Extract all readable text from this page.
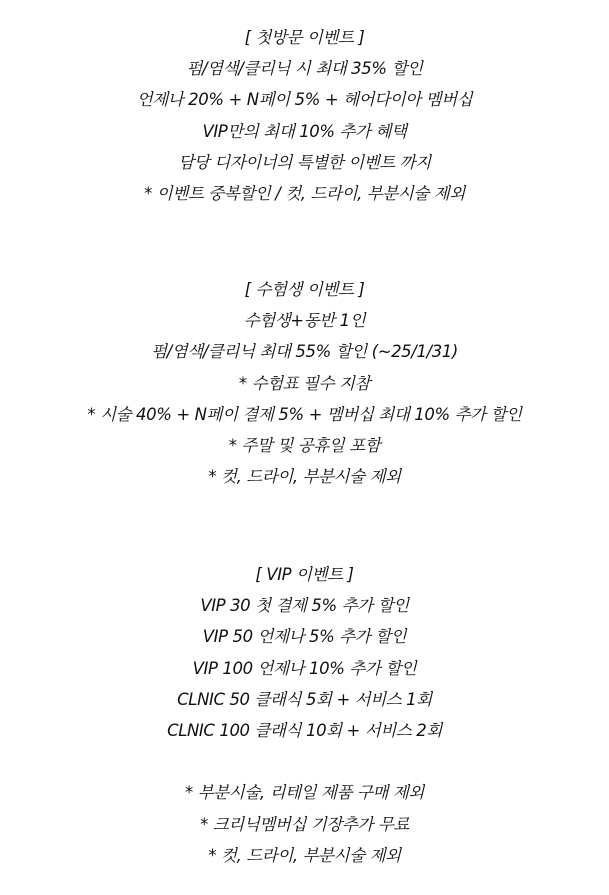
[ 첫방문 이벤트 ]
펌/염색/클리닉 시 최대 35% 할인
언제나 20% + N페이 5% + 헤어다이아 멤버십
VIP만의 최대 10% 추가 혜택
담당 디자이너의 특별한 이벤트 까지
* 이벤트 중복할인 / 컷, 드라이, 부분시술 제외
[ 수험생 이벤트 ]
수험생+동반 1인
펌/염색/클리닉 최대 55% 할인 (~25/1/31)
* 수험표 필수 지참
* 시술 40% + N페이 결제 5% + 멤버십 최대 10% 추가 할인
* 주말 및 공휴일 포함
* 컷, 드라이, 부분시술 제외
[ VIP 이벤트 ]
VIP 30 첫 결제 5% 추가 할인
VIP 50 언제나 5% 추가 할인
VIP 100 언제나 10% 추가 할인
CLNIC 50 클래식 5회 + 서비스 1회
CLNIC 100 클래식 10회 + 서비스 2회
* 부분시술, 리테일 제품 구매 제외
* 크리닉멤버십 기장추가 무료
* 컷, 드라이, 부분시술 제외
